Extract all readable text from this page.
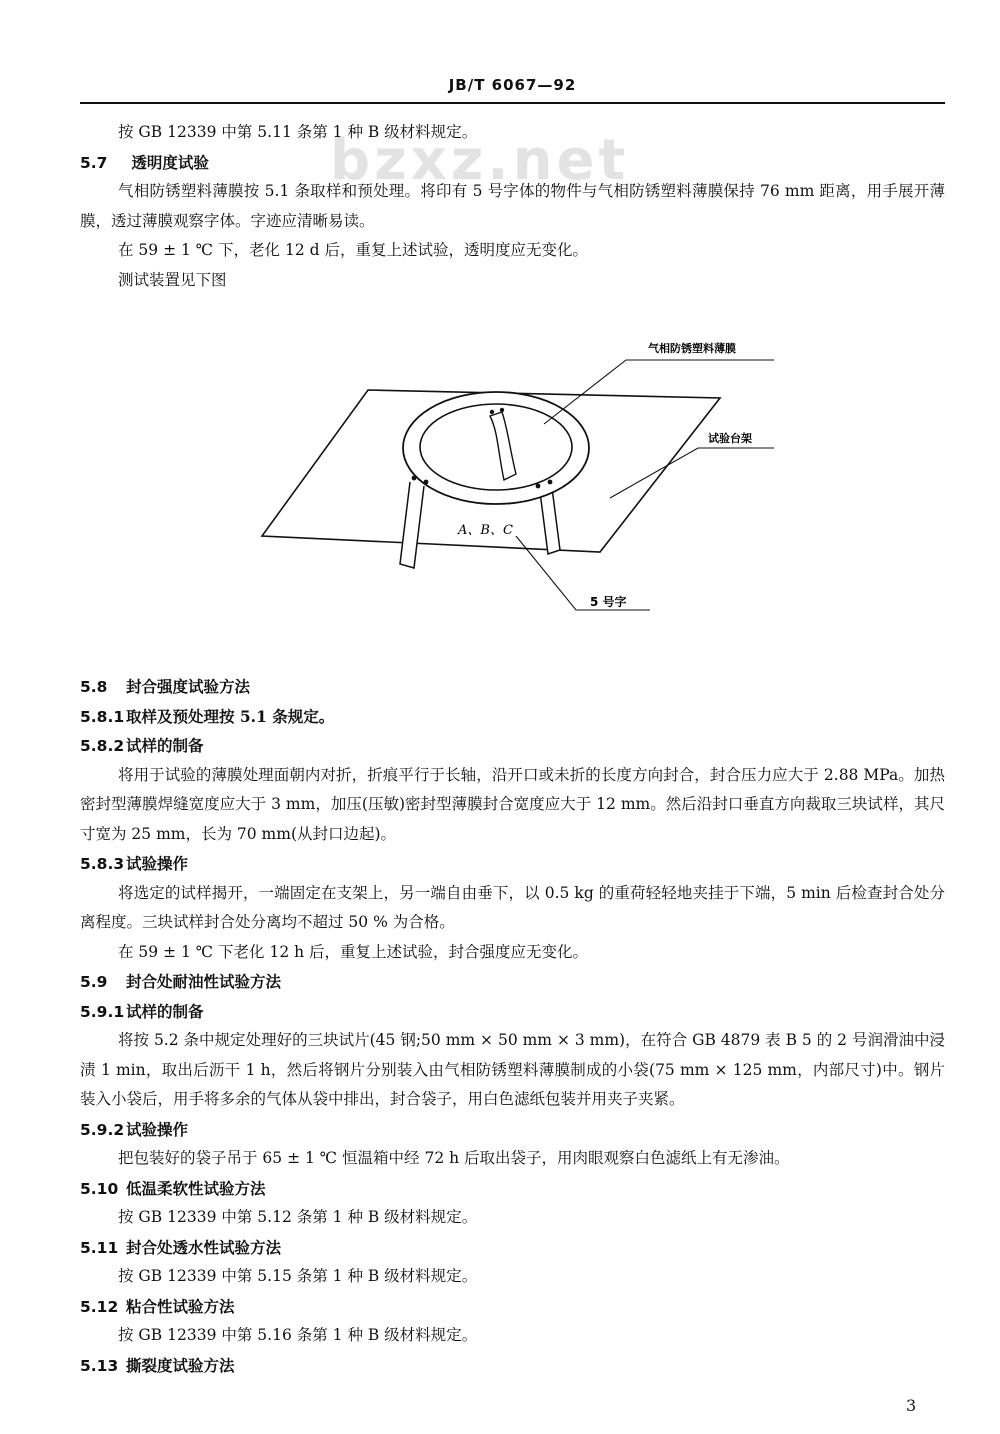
JB/T 6067—92
bzxz.net
按 GB 12339 中第 5.11 条第 1 种 B 级材料规定。
5.7 透明度试验
气相防锈塑料薄膜按 5.1 条取样和预处理。将印有 5 号字体的物件与气相防锈塑料薄膜保持 76 mm 距离，用手展开薄膜，透过薄膜观察字体。字迹应清晰易读。
在 59 ± 1 ℃ 下，老化 12 d 后，重复上述试验，透明度应无变化。
测试装置见下图
气相防锈塑料薄膜
试验台架
A、B、C
5 号字
5.8 封合强度试验方法
5.8.1 取样及预处理按 5.1 条规定。
5.8.2 试样的制备
将用于试验的薄膜处理面朝内对折，折痕平行于长轴，沿开口或未折的长度方向封合，封合压力应大于 2.88 MPa。加热密封型薄膜焊缝宽度应大于 3 mm，加压(压敏)密封型薄膜封合宽度应大于 12 mm。然后沿封口垂直方向裁取三块试样，其尺寸宽为 25 mm，长为 70 mm(从封口边起)。
5.8.3 试验操作
将选定的试样揭开，一端固定在支架上，另一端自由垂下，以 0.5 kg 的重荷轻轻地夹挂于下端，5 min 后检查封合处分离程度。三块试样封合处分离均不超过 50 % 为合格。
在 59 ± 1 ℃ 下老化 12 h 后，重复上述试验，封合强度应无变化。
5.9 封合处耐油性试验方法
5.9.1 试样的制备
将按 5.2 条中规定处理好的三块试片(45 钢;50 mm × 50 mm × 3 mm)，在符合 GB 4879 表 B 5 的 2 号润滑油中浸渍 1 min，取出后沥干 1 h，然后将钢片分别装入由气相防锈塑料薄膜制成的小袋(75 mm × 125 mm，内部尺寸)中。钢片装入小袋后，用手将多余的气体从袋中排出，封合袋子，用白色滤纸包装并用夹子夹紧。
5.9.2 试验操作
把包装好的袋子吊于 65 ± 1 ℃ 恒温箱中经 72 h 后取出袋子，用肉眼观察白色滤纸上有无渗油。
5.10 低温柔软性试验方法
按 GB 12339 中第 5.12 条第 1 种 B 级材料规定。
5.11 封合处透水性试验方法
按 GB 12339 中第 5.15 条第 1 种 B 级材料规定。
5.12 粘合性试验方法
按 GB 12339 中第 5.16 条第 1 种 B 级材料规定。
5.13 撕裂度试验方法
3
